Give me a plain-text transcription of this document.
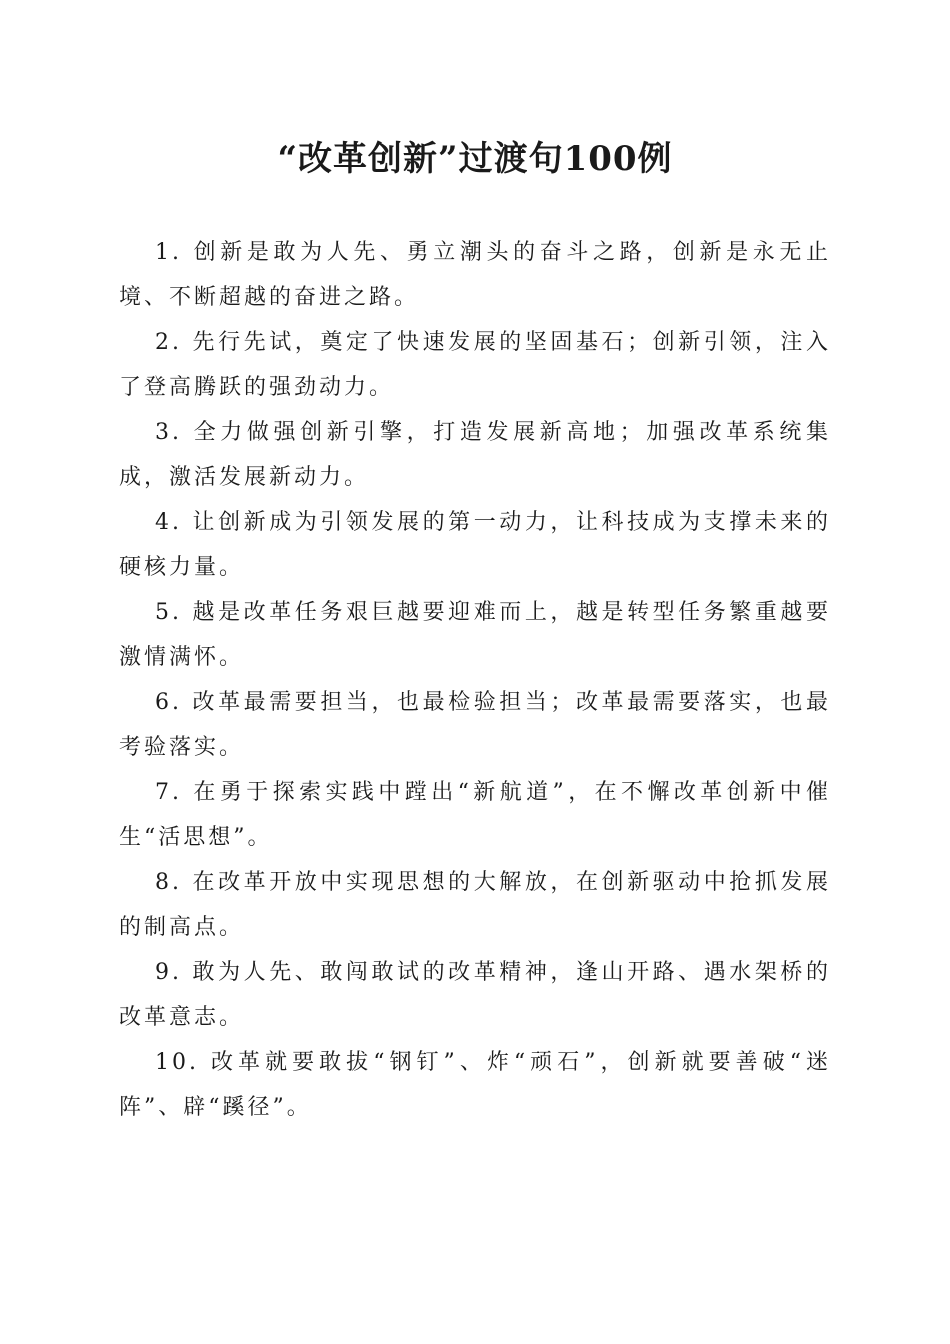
“改革创新”过渡句100例

1. 创新是敢为人先、勇立潮头的奋斗之路，创新是永无止境、不断超越的奋进之路。

2. 先行先试，奠定了快速发展的坚固基石；创新引领，注入了登高腾跃的强劲动力。

3. 全力做强创新引擎，打造发展新高地；加强改革系统集成，激活发展新动力。

4. 让创新成为引领发展的第一动力，让科技成为支撑未来的硬核力量。

5. 越是改革任务艰巨越要迎难而上，越是转型任务繁重越要激情满怀。

6. 改革最需要担当，也最检验担当；改革最需要落实，也最考验落实。

7. 在勇于探索实践中蹚出“新航道”，在不懈改革创新中催生“活思想”。

8. 在改革开放中实现思想的大解放，在创新驱动中抢抓发展的制高点。

9. 敢为人先、敢闯敢试的改革精神，逢山开路、遇水架桥的改革意志。

10. 改革就要敢拔“钢钉”、炸“顽石”，创新就要善破“迷阵”、辟“蹊径”。
